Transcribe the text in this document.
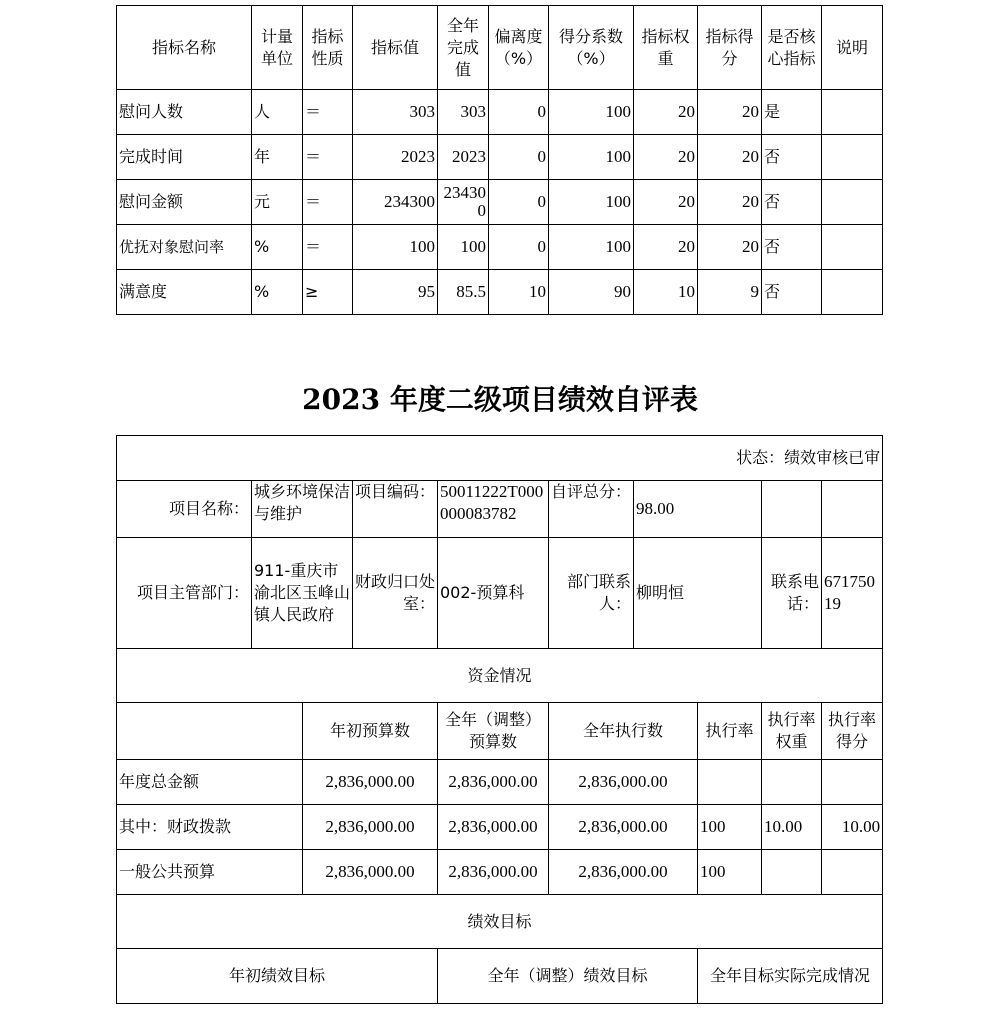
指标名称	计量单位	指标性质	指标值	全年完成值	偏离度（%）	得分系数（%）	指标权重	指标得分	是否核心指标	说明
慰问人数	人	＝	303	303	0	100	20	20	是	
完成时间	年	＝	2023	2023	0	100	20	20	否	
慰问金额	元	＝	234300	234300	0	100	20	20	否	
优抚对象慰问率	%	＝	100	100	0	100	20	20	否	
满意度	%	≥	95	85.5	10	90	10	9	否	
2023 年度二级项目绩效自评表
状态：绩效审核已审									
项目名称：	城乡环境保洁与维护		项目编码：	50011222T000000083782	自评总分：	98.00			
项目主管部门：	911-重庆市渝北区玉峰山镇人民政府		财政归口处室：	002-预算科	部门联系人：	柳明恒		联系电话：	67175019
资金情况									
		年初预算数		全年（调整）预算数	全年执行数		执行率	执行率权重	执行率得分
年度总金额		2,836,000.00		2,836,000.00	2,836,000.00				
其中：财政拨款		2,836,000.00		2,836,000.00	2,836,000.00		100	10.00	10.00
一般公共预算		2,836,000.00		2,836,000.00	2,836,000.00		100		
绩效目标									
年初绩效目标				全年（调整）绩效目标			全年目标实际完成情况		
